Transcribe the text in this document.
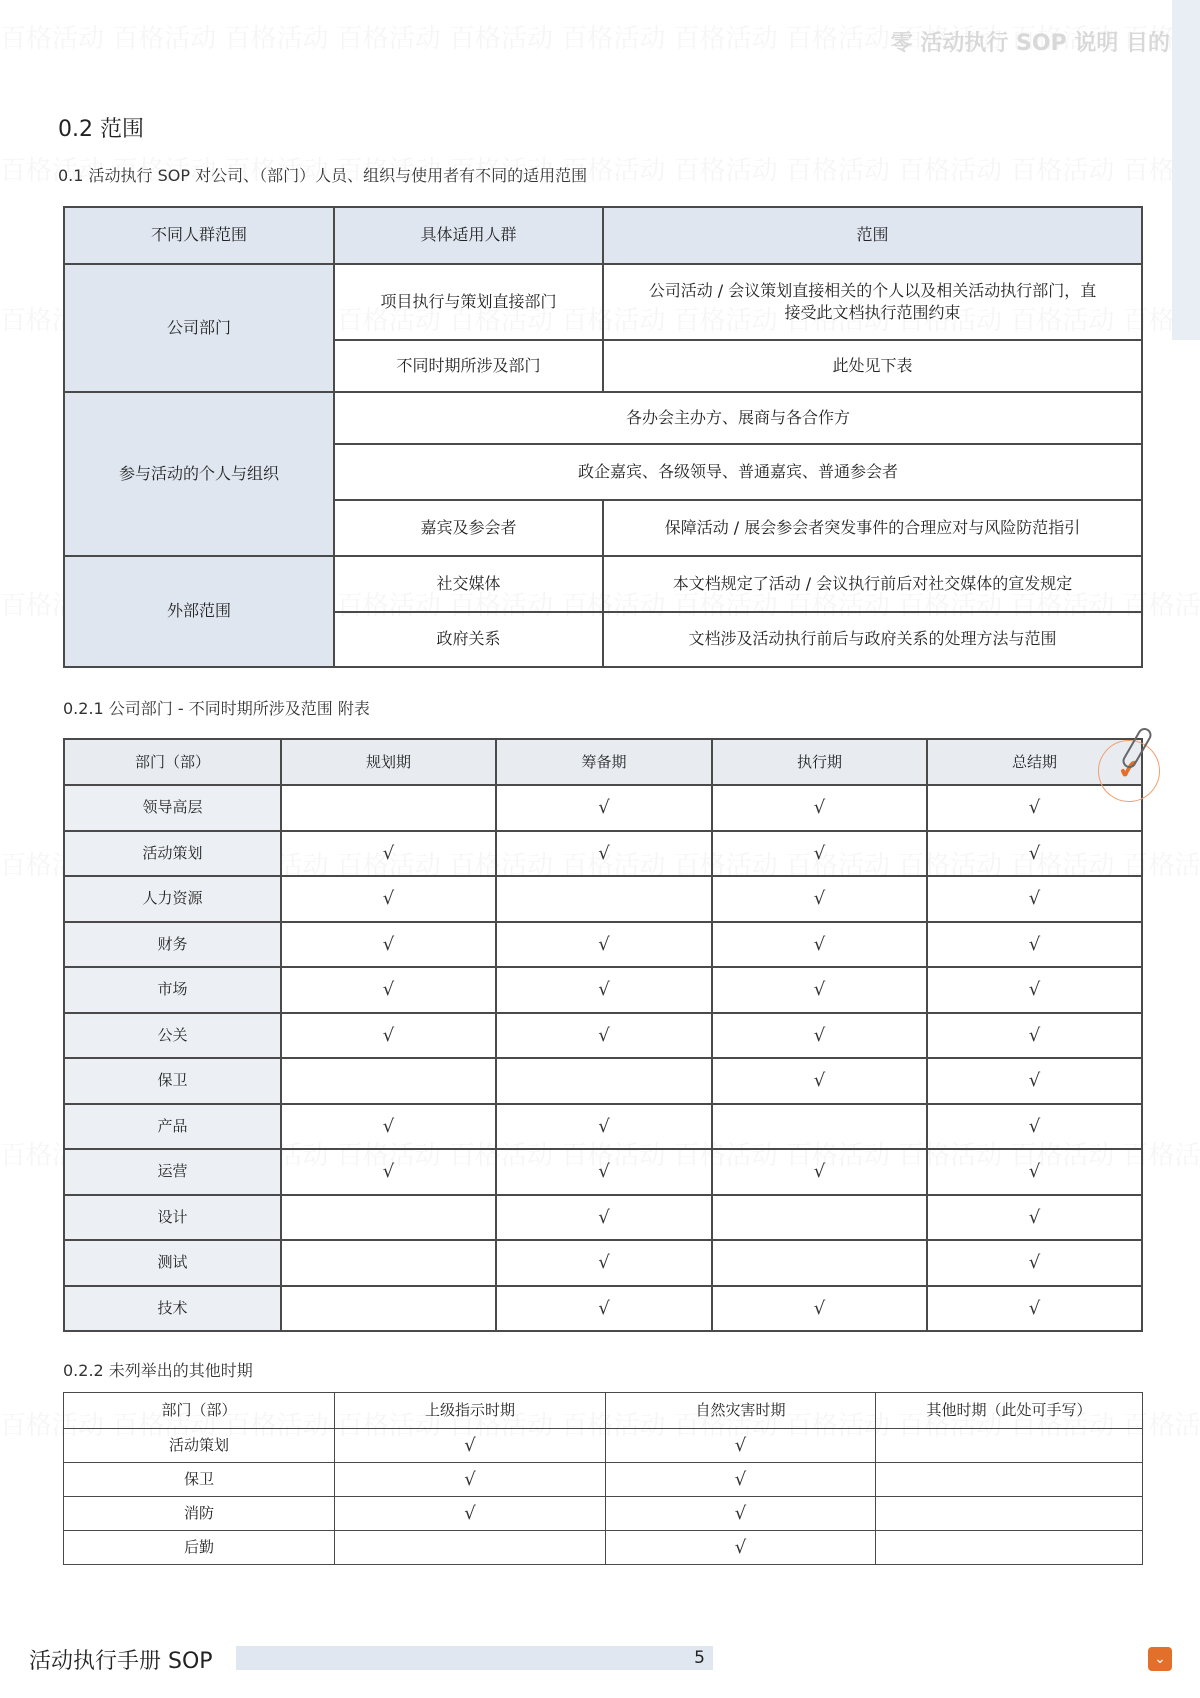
零 活动执行 SOP 说明 目的
0.2 范围
0.1 活动执行 SOP 对公司、（部门）人员、组织与使用者有不同的适用范围
不同人群范围	具体适用人群	范围
公司部门	项目执行与策划直接部门	公司活动 / 会议策划直接相关的个人以及相关活动执行部门，直接受此文档执行范围约束
	不同时期所涉及部门	此处见下表
参与活动的个人与组织	各办会主办方、展商与各合作方	
	政企嘉宾、各级领导、普通嘉宾、普通参会者	
	嘉宾及参会者	保障活动 / 展会参会者突发事件的合理应对与风险防范指引
外部范围	社交媒体	本文档规定了活动 / 会议执行前后对社交媒体的宣发规定
	政府关系	文档涉及活动执行前后与政府关系的处理方法与范围
0.2.1 公司部门 - 不同时期所涉及范围 附表
部门（部）	规划期	筹备期	执行期	总结期
领导高层		√	√	√
活动策划	√	√	√	√
人力资源	√		√	√
财务	√	√	√	√
市场	√	√	√	√
公关	√	√	√	√
保卫			√	√
产品	√	√		√
运营	√	√	√	√
设计		√		√
测试		√		√
技术		√	√	√
✔
0.2.2 未列举出的其他时期
部门（部）	上级指示时期	自然灾害时期	其他时期（此处可手写）
活动策划	√	√	
保卫	√	√	
消防	√	√	
后勤		√	
活动执行手册 SOP	5	⌄
